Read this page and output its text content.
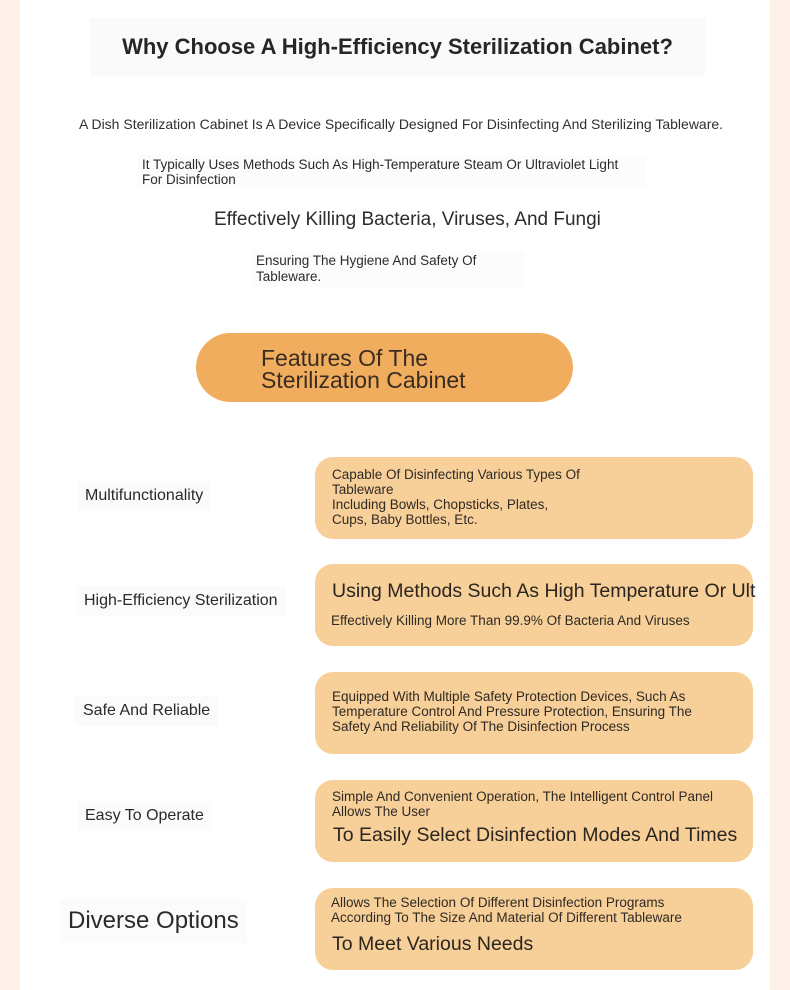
Why Choose A High-Efficiency Sterilization Cabinet?
A Dish Sterilization Cabinet Is A Device Specifically Designed For Disinfecting And Sterilizing Tableware.
It Typically Uses Methods Such As High-Temperature Steam Or Ultraviolet Light For Disinfection
Effectively Killing Bacteria, Viruses, And Fungi
Ensuring The Hygiene And Safety Of Tableware.
Features Of The Sterilization Cabinet
Multifunctionality
Capable Of Disinfecting Various Types Of
Tableware
Including Bowls, Chopsticks, Plates,
Cups, Baby Bottles, Etc.
High-Efficiency Sterilization	Using Methods Such As High Temperature Or Ult
Effectively Killing More Than 99.9% Of Bacteria And Viruses
Safe And Reliable
Equipped With Multiple Safety Protection Devices, Such As
Temperature Control And Pressure Protection, Ensuring The
Safety And Reliability Of The Disinfection Process
Easy To Operate
Simple And Convenient Operation, The Intelligent Control Panel
Allows The User
To Easily Select Disinfection Modes And Times
Diverse Options
Allows The Selection Of Different Disinfection Programs
According To The Size And Material Of Different Tableware
To Meet Various Needs
